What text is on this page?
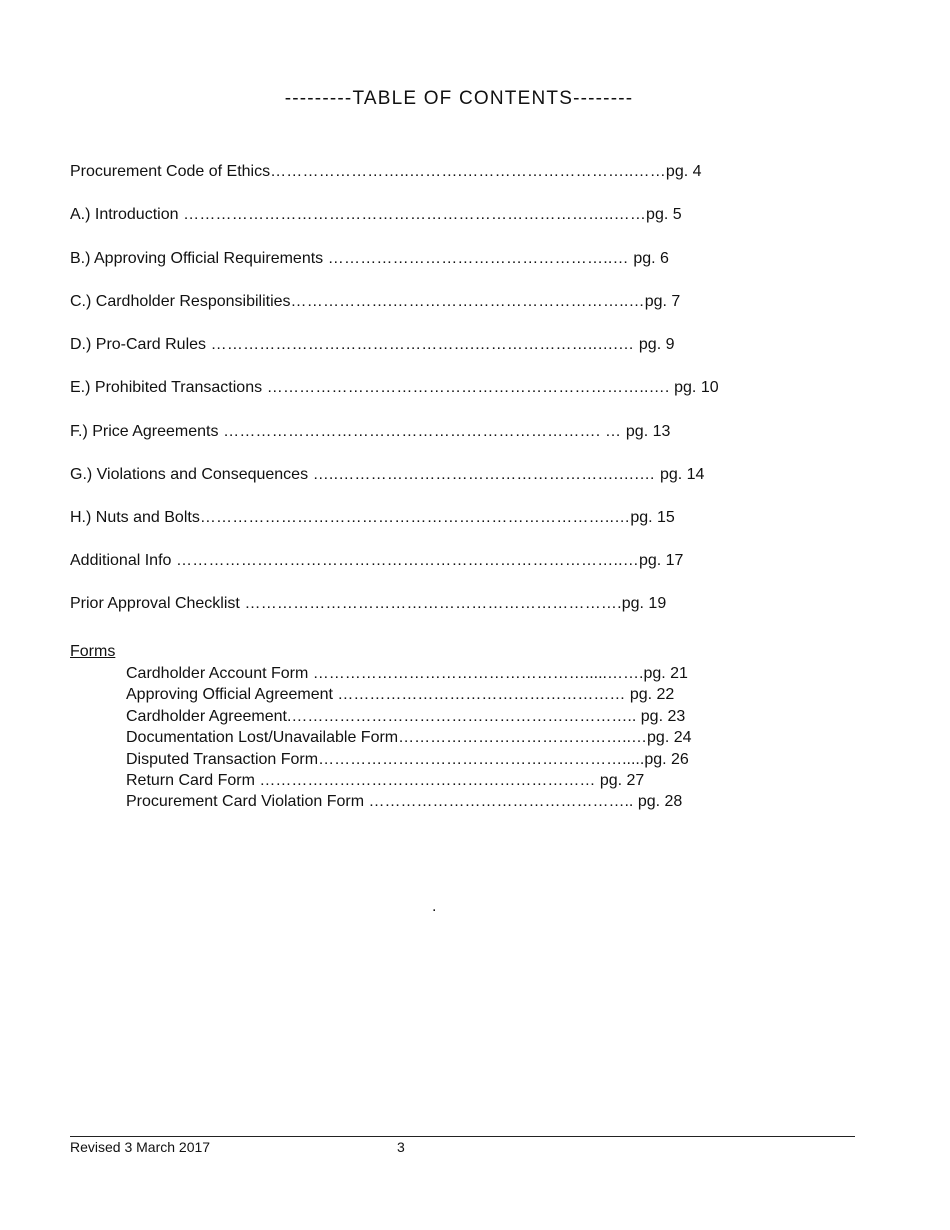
---------TABLE OF CONTENTS--------
Procurement Code of Ethics……………………..……….…………………………..……pg. 4
A.) Introduction ……………………………………………………………………..……pg. 5
B.) Approving Official Requirements ……………………………………………..… pg. 6
C.) Cardholder Responsibilities……………….……………………………………..…pg. 7
D.) Pro-Card Rules ………………………………………….…………………..….… pg. 9
E.) Prohibited Transactions ……………………………………………………………..…. pg. 10
F.) Price Agreements ……………………………………………………………. … pg. 13
G.) Violations and Consequences …..…………………………………………….….… pg. 14
H.) Nuts and Bolts…………………………………………………………………..…pg. 15
Additional Info ………………………………………………………………………..…pg. 17
Prior Approval Checklist …………………………………………………………….pg. 19
Forms
Cardholder Account Form …………………………………………….....…….pg. 21
Approving Official Agreement ……………………………………………… pg. 22
Cardholder Agreement.……………………………………………………….. pg. 23
Documentation Lost/Unavailable Form……………………………………..…pg. 24
Disputed Transaction Form………………………………………………….....pg. 26
Return Card Form ……………………………………………………… pg. 27
Procurement Card Violation Form ………………………………………….. pg. 28
.
Revised 3 March 2017	3
